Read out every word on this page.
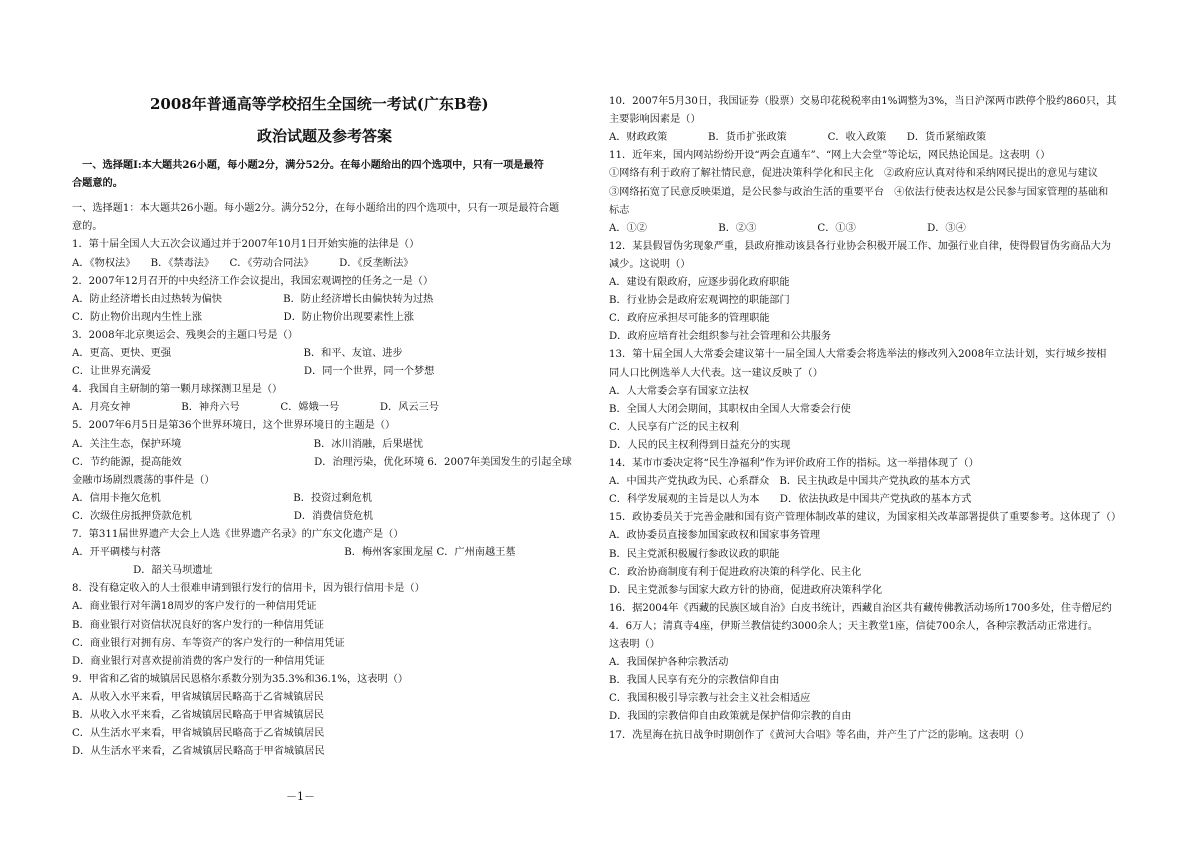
2008年普通高等学校招生全国统一考试(广东B卷)
政治试题及参考答案
　一、选择题Ⅰ:本大题共26小题，每小题2分，满分52分。在每小题给出的四个选项中，只有一项是最符
合题意的。
一、选择题1：本大题共26小题。每小题2分。满分52分，在每小题给出的四个选项中，只有一项是最符合题
意的。
1．第十届全国人大五次会议通过并于2007年10月1日开始实施的法律是（）
A．《物权法》　　B．《禁毒法》　　C．《劳动合同法》　　　D．《反垄断法》
2．2007年12月召开的中央经济工作会议提出，我国宏观调控的任务之一是（）
A．防止经济增长由过热转为偏快　　　　　　B．防止经济增长由偏快转为过热
C．防止物价出现内生性上涨　　　　　　　　D．防止物价出现要素性上涨
3．2008年北京奥运会、残奥会的主题口号是（）
A．更高、更快、更强　　　　　　　　　　　　　B．和平、友谊、进步
C．让世界充满爱　　　　　　　　　　　　　　　D．同一个世界，同一个梦想
4．我国自主研制的第一颗月球探测卫星是（）
A．月亮女神　　　　　B．神舟六号　　　　C．嫦娥一号　　　　D．风云三号
5．2007年6月5日是第36个世界环境日，这个世界环境日的主题是（）
A．关注生态，保护环境　　　　　　　　　　　　　B．冰川消融，后果堪忧
C．节约能源，提高能效　　　　　　　　　　　　　D．治理污染，优化环境 6．2007年美国发生的引起全球
金融市场剧烈震荡的事件是（）
A．信用卡拖欠危机　　　　　　　　　　　　　B．投资过剩危机
C．次级住房抵押贷款危机　　　　　　　　　　D．消费信贷危机
7．第311届世界遗产大会上人选《世界遗产名录》的广东文化遗产是（）
A．开平碉楼与村落　　　　　　　　　　　　　　　　　　B．梅州客家围龙屋 C．广州南越王墓
　　　　　　D．韶关马坝遗址
8．没有稳定收入的人士很难申请到银行发行的信用卡，因为银行信用卡是（）
A．商业银行对年满18周岁的客户发行的一种信用凭证
B．商业银行对资信状况良好的客户发行的一种信用凭证
C．商业银行对拥有房、车等资产的客户发行的一种信用凭证
D．商业银行对喜欢提前消费的客户发行的一种信用凭证
9．甲省和乙省的城镇居民恩格尔系数分别为35.3%和36.1%，这表明（）
A．从收入水平来看，甲省城镇居民略高于乙省城镇居民
B．从收入水平来看，乙省城镇居民略高于甲省城镇居民
C．从生活水平来看，甲省城镇居民略高于乙省城镇居民
D．从生活水平来看，乙省城镇居民略高于甲省城镇居民
10．2007年5月30日，我国证券（股票）交易印花税税率由1%调整为3%，当日沪深两市跌停个股约860只，其
主要影响因素是（）
A．财政政策　　　　B．货币扩张政策　　　　C．收入政策　　D．货币紧缩政策
11．近年来，国内网站纷纷开设“两会直通车”、“网上大会堂”等论坛，网民热论国是。这表明（）
①网络有利于政府了解社情民意，促进决策科学化和民主化　②政府应认真对待和采纳网民提出的意见与建议
③网络拓宽了民意反映渠道，是公民参与政治生活的重要平台　④依法行使表达权是公民参与国家管理的基础和
标志
A．①②　　　　　　　B．②③　　　　　　C．①③　　　　　　　D．③④
12．某县假冒伪劣现象严重，县政府推动该县各行业协会积极开展工作、加强行业自律，使得假冒伪劣商品大为
减少。这说明（）
A．建设有限政府，应逐步弱化政府职能
B．行业协会是政府宏观调控的职能部门
C．政府应承担尽可能多的管理职能
D．政府应培育社会组织参与社会管理和公共服务
13．第十届全国人大常委会建议第十一届全国人大常委会将选举法的修改列入2008年立法计划，实行城乡按相
同人口比例选举人大代表。这一建议反映了（）
A．人大常委会享有国家立法权
B．全国人大闭会期间，其职权由全国人大常委会行使
C．人民享有广泛的民主权利
D．人民的民主权利得到日益充分的实现
14．某市市委决定将“民生净福利”作为评价政府工作的指标。这一举措体现了（）
A．中国共产党执政为民、心系群众　B．民主执政是中国共产党执政的基本方式
C．科学发展观的主旨是以人为本　　D．依法执政是中国共产党执政的基本方式
15．政协委员关于完善金融和国有资产管理体制改革的建议，为国家相关改革部署提供了重要参考。这体现了（）
A．政协委员直接参加国家政权和国家事务管理
B．民主党派积极履行参政议政的职能
C．政治协商制度有利于促进政府决策的科学化、民主化
D．民主党派参与国家大政方针的协商，促进政府决策科学化
16．据2004年《西藏的民族区域自治》白皮书统计，西藏自治区共有藏传佛教活动场所1700多处，住寺僧尼约
4．6万人；清真寺4座，伊斯兰教信徒约3000余人；天主教堂1座，信徒700余人，各种宗教活动正常进行。
这表明（）
A．我国保护各种宗教活动
B．我国人民享有充分的宗教信仰自由
C．我国积极引导宗教与社会主义社会相适应
D．我国的宗教信仰自由政策就是保护信仰宗教的自由
17．冼星海在抗日战争时期创作了《黄河大合唱》等名曲，并产生了广泛的影响。这表明（）
－1－
